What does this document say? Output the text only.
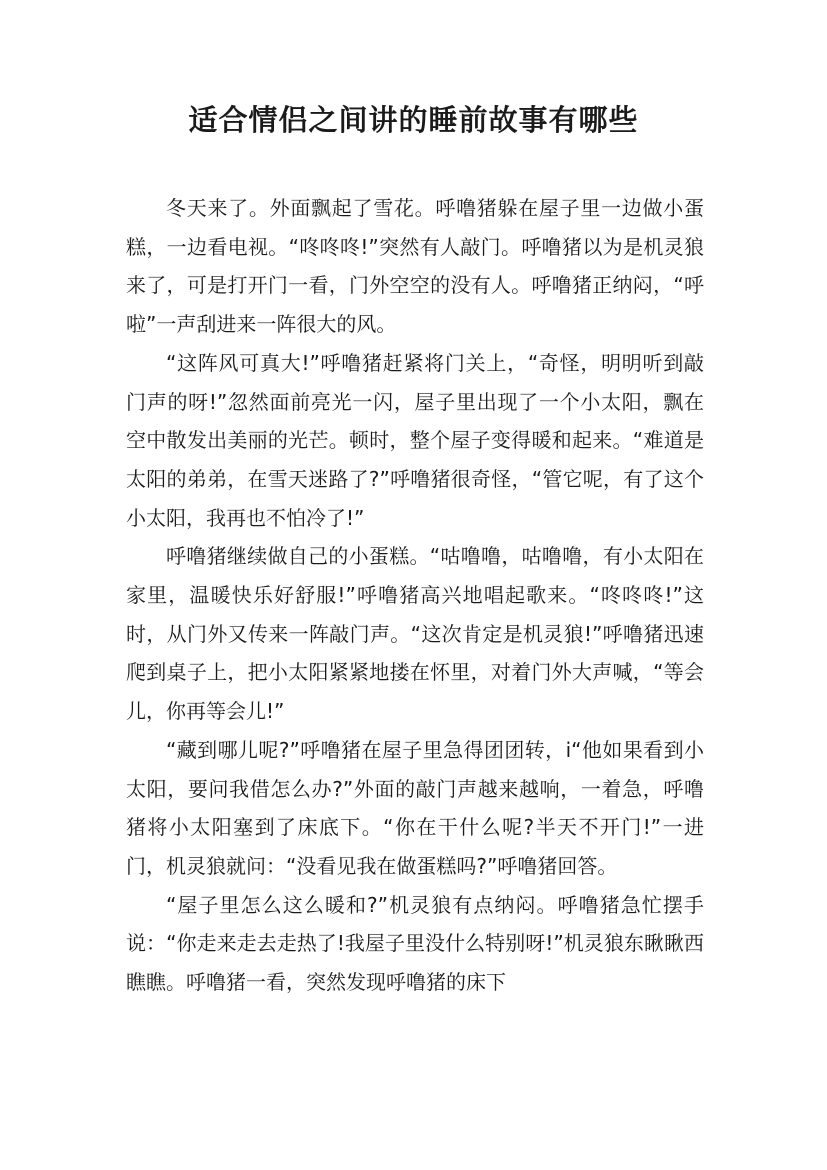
适合情侣之间讲的睡前故事有哪些

冬天来了。外面飘起了雪花。呼噜猪躲在屋子里一边做小蛋糕，一边看电视。“咚咚咚!”突然有人敲门。呼噜猪以为是机灵狼来了，可是打开门一看，门外空空的没有人。呼噜猪正纳闷，“呼啦”一声刮进来一阵很大的风。

“这阵风可真大!”呼噜猪赶紧将门关上，“奇怪，明明听到敲门声的呀!”忽然面前亮光一闪，屋子里出现了一个小太阳，飘在空中散发出美丽的光芒。顿时，整个屋子变得暖和起来。“难道是太阳的弟弟，在雪天迷路了?”呼噜猪很奇怪，“管它呢，有了这个小太阳，我再也不怕冷了!”

呼噜猪继续做自己的小蛋糕。“咕噜噜，咕噜噜，有小太阳在家里，温暖快乐好舒服!”呼噜猪高兴地唱起歌来。“咚咚咚!”这时，从门外又传来一阵敲门声。“这次肯定是机灵狼!”呼噜猪迅速爬到桌子上，把小太阳紧紧地搂在怀里，对着门外大声喊，“等会儿，你再等会儿!”

“藏到哪儿呢?”呼噜猪在屋子里急得团团转，i“他如果看到小太阳，要问我借怎么办?”外面的敲门声越来越响，一着急，呼噜猪将小太阳塞到了床底下。“你在干什么呢?半天不开门!”一进门，机灵狼就问：“没看见我在做蛋糕吗?”呼噜猪回答。

“屋子里怎么这么暖和?”机灵狼有点纳闷。呼噜猪急忙摆手说：“你走来走去走热了!我屋子里没什么特别呀!”机灵狼东瞅瞅西瞧瞧。呼噜猪一看，突然发现呼噜猪的床下
